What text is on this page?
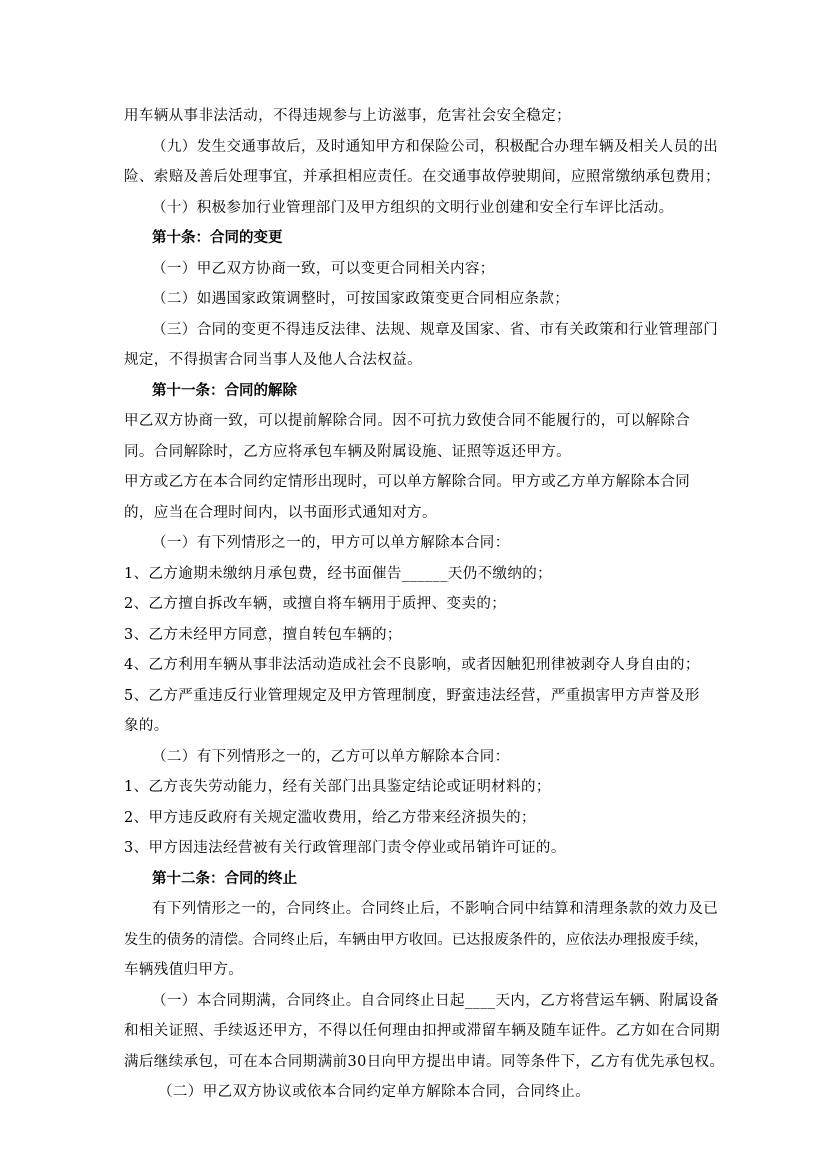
用车辆从事非法活动，不得违规参与上访滋事，危害社会安全稳定；
（九）发生交通事故后，及时通知甲方和保险公司，积极配合办理车辆及相关人员的出
险、索赔及善后处理事宜，并承担相应责任。在交通事故停驶期间，应照常缴纳承包费用；
（十）积极参加行业管理部门及甲方组织的文明行业创建和安全行车评比活动。
第十条：合同的变更
（一）甲乙双方协商一致，可以变更合同相关内容；
（二）如遇国家政策调整时，可按国家政策变更合同相应条款；
（三）合同的变更不得违反法律、法规、规章及国家、省、市有关政策和行业管理部门
规定，不得损害合同当事人及他人合法权益。
第十一条：合同的解除
甲乙双方协商一致，可以提前解除合同。因不可抗力致使合同不能履行的，可以解除合
同。合同解除时，乙方应将承包车辆及附属设施、证照等返还甲方。
甲方或乙方在本合同约定情形出现时，可以单方解除合同。甲方或乙方单方解除本合同
的，应当在合理时间内，以书面形式通知对方。
（一）有下列情形之一的，甲方可以单方解除本合同：
1、乙方逾期未缴纳月承包费，经书面催告______天仍不缴纳的；
2、乙方擅自拆改车辆，或擅自将车辆用于质押、变卖的；
3、乙方未经甲方同意，擅自转包车辆的；
4、乙方利用车辆从事非法活动造成社会不良影响，或者因触犯刑律被剥夺人身自由的；
5、乙方严重违反行业管理规定及甲方管理制度，野蛮违法经营，严重损害甲方声誉及形
象的。
（二）有下列情形之一的，乙方可以单方解除本合同：
1、乙方丧失劳动能力，经有关部门出具鉴定结论或证明材料的；
2、甲方违反政府有关规定滥收费用，给乙方带来经济损失的；
3、甲方因违法经营被有关行政管理部门责令停业或吊销许可证的。
第十二条：合同的终止
有下列情形之一的，合同终止。合同终止后，不影响合同中结算和清理条款的效力及已
发生的债务的清偿。合同终止后，车辆由甲方收回。已达报废条件的，应依法办理报废手续，
车辆残值归甲方。
（一）本合同期满，合同终止。自合同终止日起____天内，乙方将营运车辆、附属设备
和相关证照、手续返还甲方，不得以任何理由扣押或滞留车辆及随车证件。乙方如在合同期
满后继续承包，可在本合同期满前30日向甲方提出申请。同等条件下，乙方有优先承包权。
（二）甲乙双方协议或依本合同约定单方解除本合同，合同终止。
